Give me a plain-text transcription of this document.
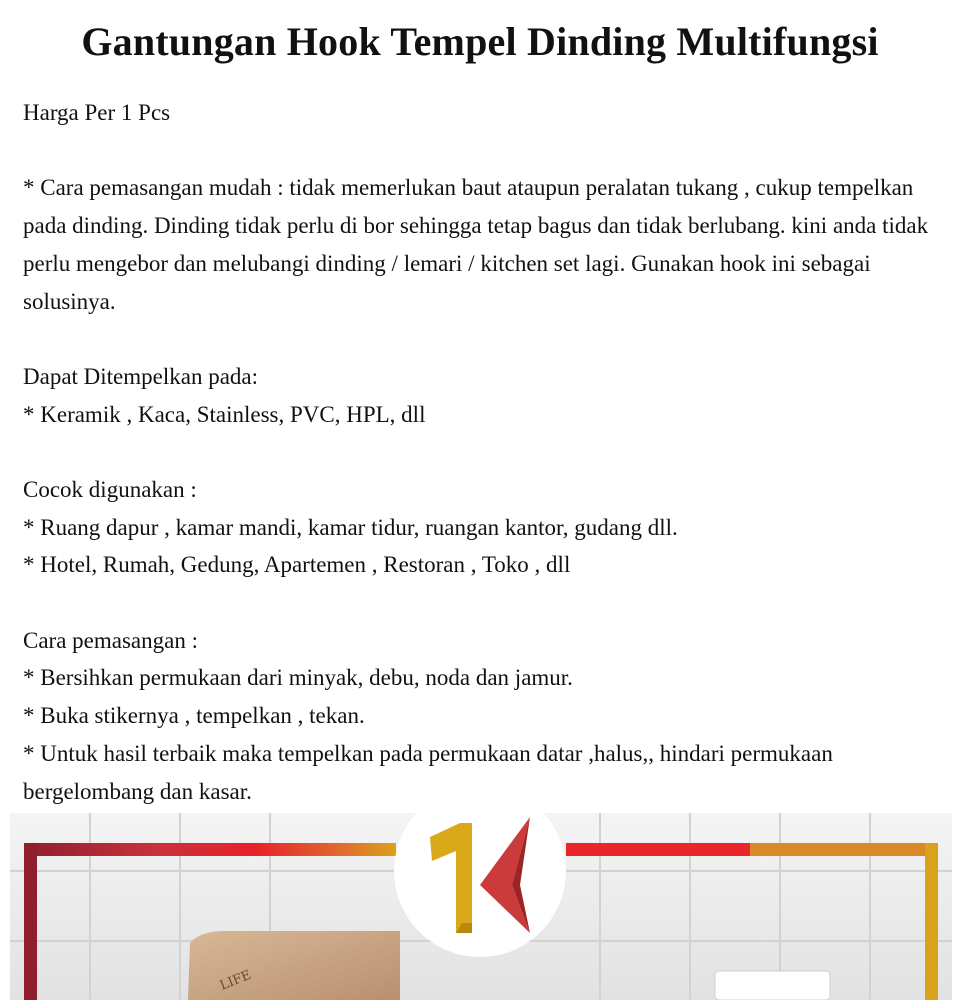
Gantungan Hook Tempel Dinding Multifungsi

Harga Per 1 Pcs

* Cara pemasangan mudah : tidak memerlukan baut ataupun peralatan tukang , cukup tempelkan pada dinding. Dinding tidak perlu di bor sehingga tetap bagus dan tidak berlubang. kini anda tidak perlu mengebor dan melubangi dinding / lemari / kitchen set lagi. Gunakan hook ini sebagai solusinya.

Dapat Ditempelkan pada:

* Keramik , Kaca, Stainless, PVC, HPL, dll

Cocok digunakan :

* Ruang dapur , kamar mandi, kamar tidur, ruangan kantor, gudang dll.

* Hotel, Rumah, Gedung, Apartemen , Restoran , Toko , dll

Cara pemasangan :

* Bersihkan permukaan dari minyak, debu, noda dan jamur.

* Buka stikernya , tempelkan , tekan.

* Untuk hasil terbaik maka tempelkan pada permukaan datar ,halus,, hindari permukaan bergelombang dan kasar.

LIFE
